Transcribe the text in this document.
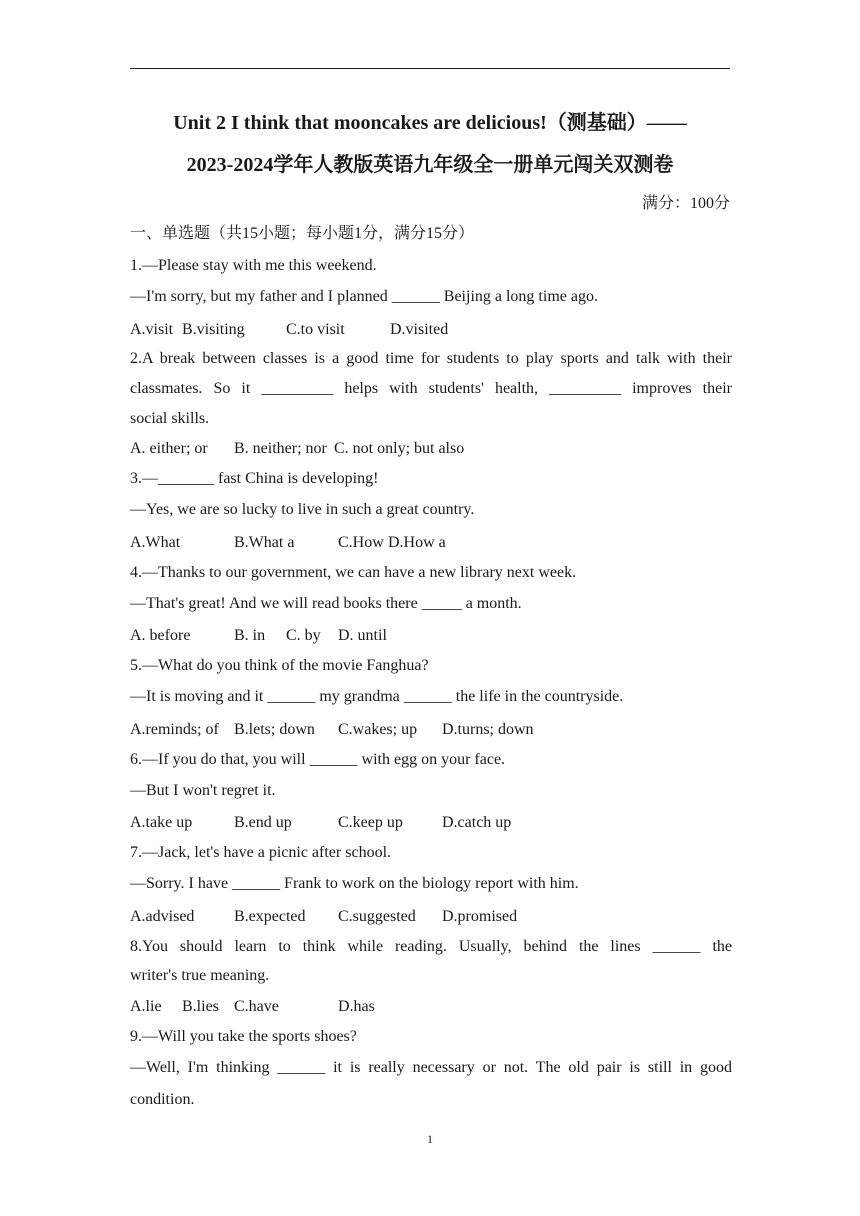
Unit 2 I think that mooncakes are delicious!（测基础）——
2023-2024学年人教版英语九年级全一册单元闯关双测卷
满分：100分
一、单选题（共15小题；每小题1分，满分15分）
1.—Please stay with me this weekend.
—I'm sorry, but my father and I planned ______ Beijing a long time ago.
A.visit B.visiting	C.to visit	D.visited
2.A break between classes is a good time for students to play sports and talk with their
classmates. So it _________ helps with students' health, _________ improves their
social skills.
A. either; or B. neither; nor C. not only; but also
3.—_______ fast China is developing!
—Yes, we are so lucky to live in such a great country.
A.What	B.What a	C.How D.How a
4.—Thanks to our government, we can have a new library next week.
—That's great! And we will read books there _____ a month.
A. before	B. in C. by D. until
5.—What do you think of the movie Fanghua?
—It is moving and it ______ my grandma ______ the life in the countryside.
A.reminds; of B.lets; down C.wakes; up D.turns; down
6.—If you do that, you will ______ with egg on your face.
—But I won't regret it.
A.take up	B.end up	C.keep up D.catch up
7.—Jack, let's have a picnic after school.
—Sorry. I have ______ Frank to work on the biology report with him.
A.advised B.expected C.suggested D.promised
8.You should learn to think while reading. Usually, behind the lines ______ the
writer's true meaning.
A.lie B.lies C.have	D.has
9.—Will you take the sports shoes?
—Well, I'm thinking ______ it is really necessary or not. The old pair is still in good
condition.
1
